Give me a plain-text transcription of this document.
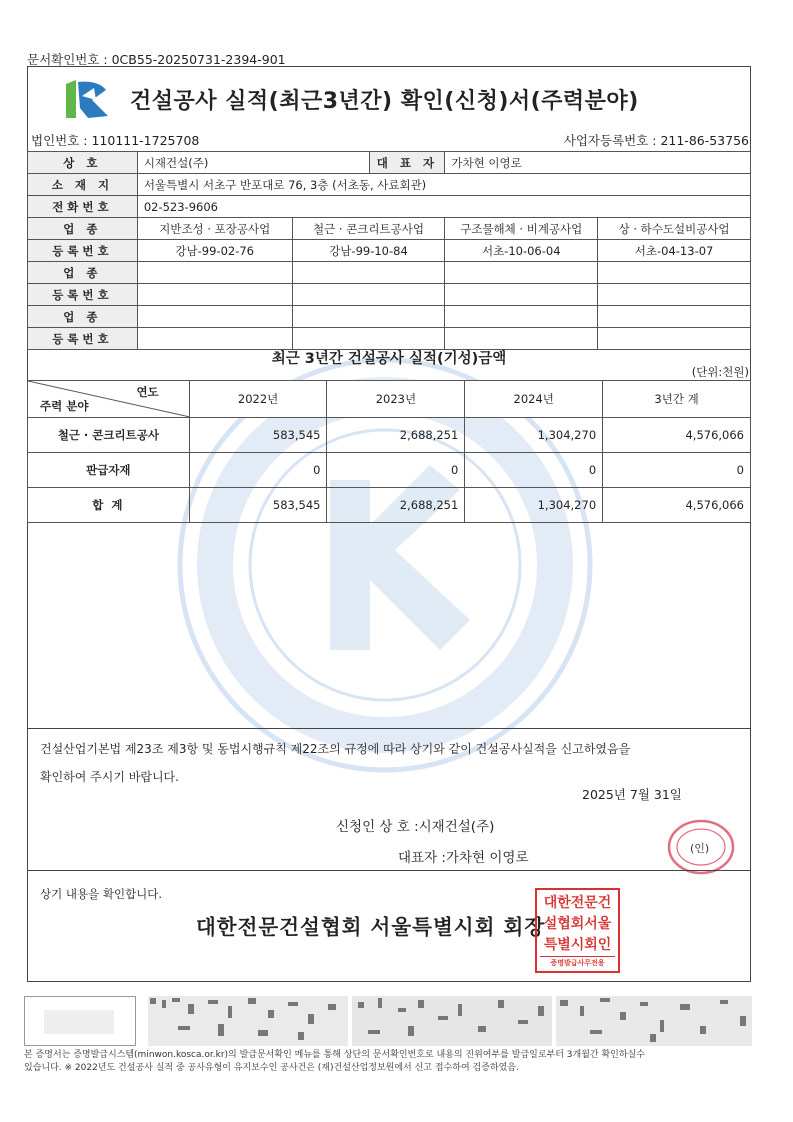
문서확인번호 : 0CB55-20250731-2394-901
건설공사 실적(최근3년간) 확인(신청)서(주력분야)
법인번호 : 110111-1725708	사업자등록번호 : 211-86-53756
상 호	시재건설(주)		대 표 자	가차현 이영로	
소 재 지	서울특별시 서초구 반포대로 76, 3층 (서초동, 사료회관)				
전화번호	02-523-9606				
업 종	지반조성 · 포장공사업	철근 · 콘크리트공사업		구조물해체 · 비계공사업	상 · 하수도설비공사업
등록번호	강남-99-02-76	강남-99-10-84		서초-10-06-04	서초-04-13-07
업 종					
등록번호					
업 종					
등록번호					
최근 3년간 건설공사 실적(기성)금액
(단위:천원)
연도
주력 분야	2022년	2023년	2024년	3년간 계
철근 · 콘크리트공사	583,545	2,688,251	1,304,270	4,576,066
판급자재	0	0	0	0
합 계	583,545	2,688,251	1,304,270	4,576,066
건설산업기본법 제23조 제3항 및 동법시행규칙 제22조의 규정에 따라 상기와 같이 건설공사실적을 신고하였음을
확인하여 주시기 바랍니다.
2025년 7월 31일
신청인 상 호 :시재건설(주)
대표자 :가차현 이영로
(인)
상기 내용을 확인합니다.
대한전문건설협회 서울특별시회 회장
대한전문건
설협회서울
특별시회인
증명발급사무전용
본 증명서는 증명발급시스템(minwon.kosca.or.kr)의 발급문서확인 메뉴를 통해 상단의 문서확인번호로 내용의 진위여부를 발급일로부터 3개월간 확인하실수
있습니다. ※ 2022년도 건설공사 실적 중 공사유형이 유지보수인 공사건은 (재)건설산업정보원에서 신고 접수하여 검증하였음.
